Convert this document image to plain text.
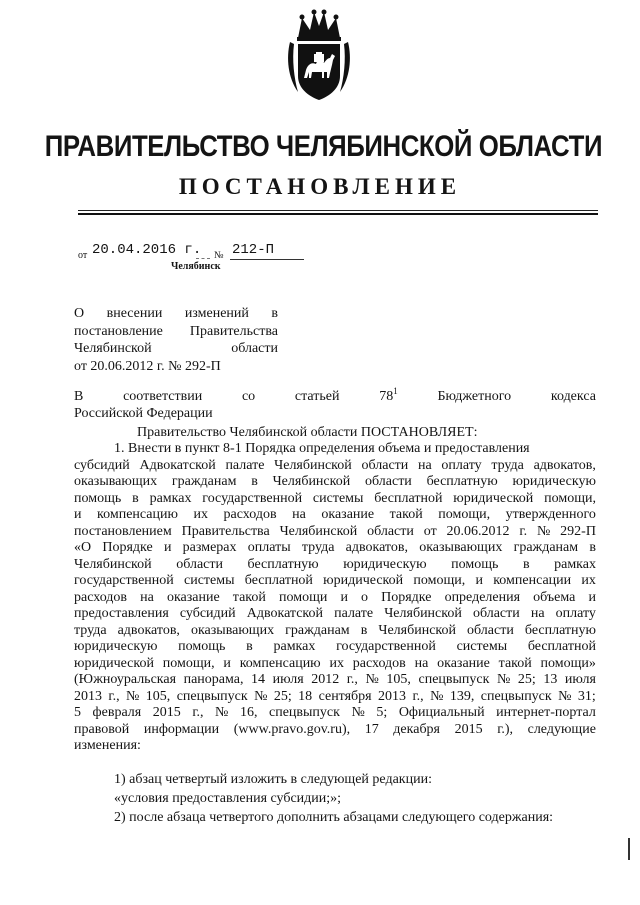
ПРАВИТЕЛЬСТВО ЧЕЛЯБИНСКОЙ ОБЛАСТИ
ПОСТАНОВЛЕНИЕ
от 20.04.2016 г. № 212-П
Челябинск
О внесении изменений в
постановление Правительства
Челябинской	области
от 20.06.2012 г. № 292-П
В	соответствии	со	статьей	$78^1$	Бюджетного	кодекса
Российской Федерации
Правительство Челябинской области ПОСТАНОВЛЯЕТ:
1. Внести в пункт 8-1 Порядка определения объема и предоставления
субсидий Адвокатской палате Челябинской области на оплату труда адвокатов,
оказывающих гражданам в Челябинской области бесплатную юридическую
помощь в рамках государственной системы бесплатной юридической помощи,
и компенсацию их расходов на оказание такой помощи, утвержденного
постановлением Правительства Челябинской области от 20.06.2012 г. № 292-П
«О Порядке и размерах оплаты труда адвокатов, оказывающих гражданам в
Челябинской области бесплатную юридическую помощь в рамках
государственной системы бесплатной юридической помощи, и компенсации их
расходов на оказание такой помощи и о Порядке определения объема и
предоставления субсидий Адвокатской палате Челябинской области на оплату
труда адвокатов, оказывающих гражданам в Челябинской области бесплатную
юридическую помощь в рамках государственной системы бесплатной
юридической помощи, и компенсацию их расходов на оказание такой помощи»
(Южноуральская панорама, 14 июля 2012 г., № 105, спецвыпуск № 25; 13 июля
2013 г., № 105, спецвыпуск № 25; 18 сентября 2013 г., № 139, спецвыпуск № 31;
5 февраля 2015 г., № 16, спецвыпуск № 5; Официальный интернет-портал
правовой информации (www.pravo.gov.ru), 17 декабря 2015 г.), следующие
изменения:
1) абзац четвертый изложить в следующей редакции:
«условия предоставления субсидии;»;
2) после абзаца четвертого дополнить абзацами следующего содержания:
